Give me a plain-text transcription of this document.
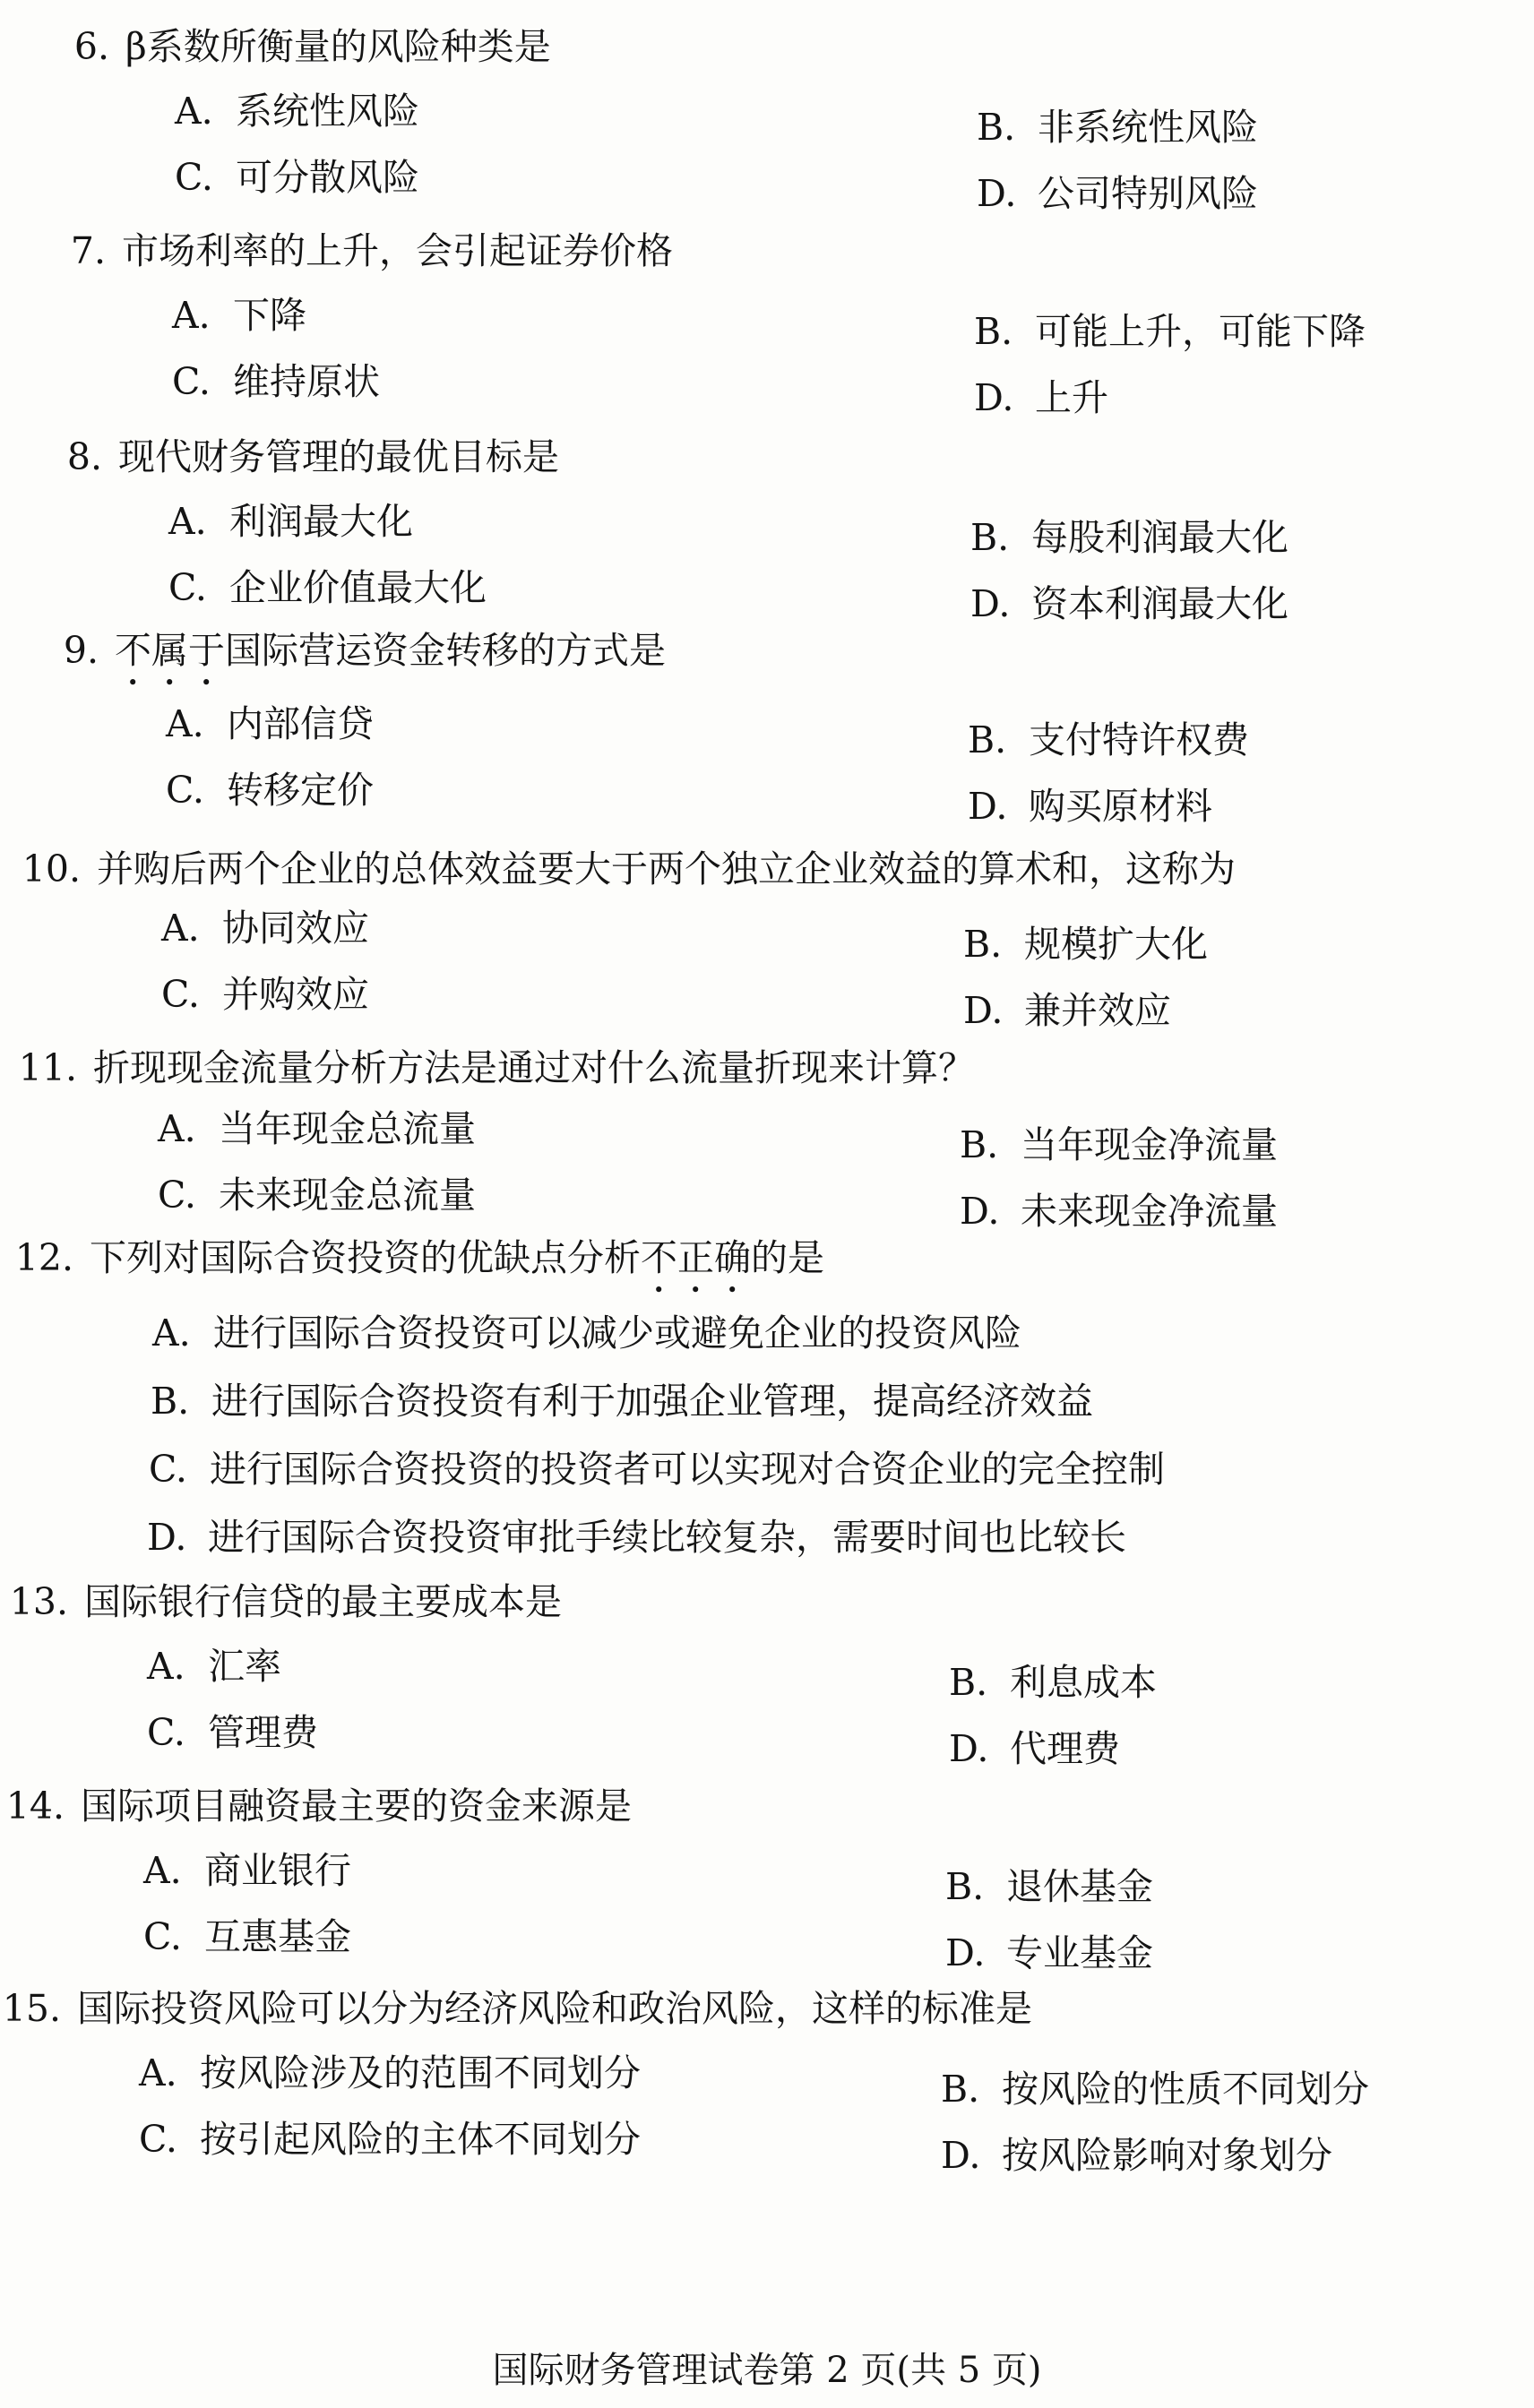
6. β系数所衡量的风险种类是
A. 系统性风险	B. 非系统性风险
C. 可分散风险	D. 公司特别风险
7. 市场利率的上升，会引起证券价格
A. 下降	B. 可能上升，可能下降
C. 维持原状	D. 上升
8. 现代财务管理的最优目标是
A. 利润最大化	B. 每股利润最大化
C. 企业价值最大化	D. 资本利润最大化
9. 不属于国际营运资金转移的方式是
A. 内部信贷	B. 支付特许权费
C. 转移定价	D. 购买原材料
10. 并购后两个企业的总体效益要大于两个独立企业效益的算术和，这称为
A. 协同效应	B. 规模扩大化
C. 并购效应	D. 兼并效应
11. 折现现金流量分析方法是通过对什么流量折现来计算？
A. 当年现金总流量	B. 当年现金净流量
C. 未来现金总流量	D. 未来现金净流量
12. 下列对国际合资投资的优缺点分析不正确的是
A. 进行国际合资投资可以减少或避免企业的投资风险
B. 进行国际合资投资有利于加强企业管理，提高经济效益
C. 进行国际合资投资的投资者可以实现对合资企业的完全控制
D. 进行国际合资投资审批手续比较复杂，需要时间也比较长
13. 国际银行信贷的最主要成本是
A. 汇率	B. 利息成本
C. 管理费	D. 代理费
14. 国际项目融资最主要的资金来源是
A. 商业银行	B. 退休基金
C. 互惠基金	D. 专业基金
15. 国际投资风险可以分为经济风险和政治风险，这样的标准是
A. 按风险涉及的范围不同划分	B. 按风险的性质不同划分
C. 按引起风险的主体不同划分	D. 按风险影响对象划分
国际财务管理试卷第 2 页(共 5 页)
